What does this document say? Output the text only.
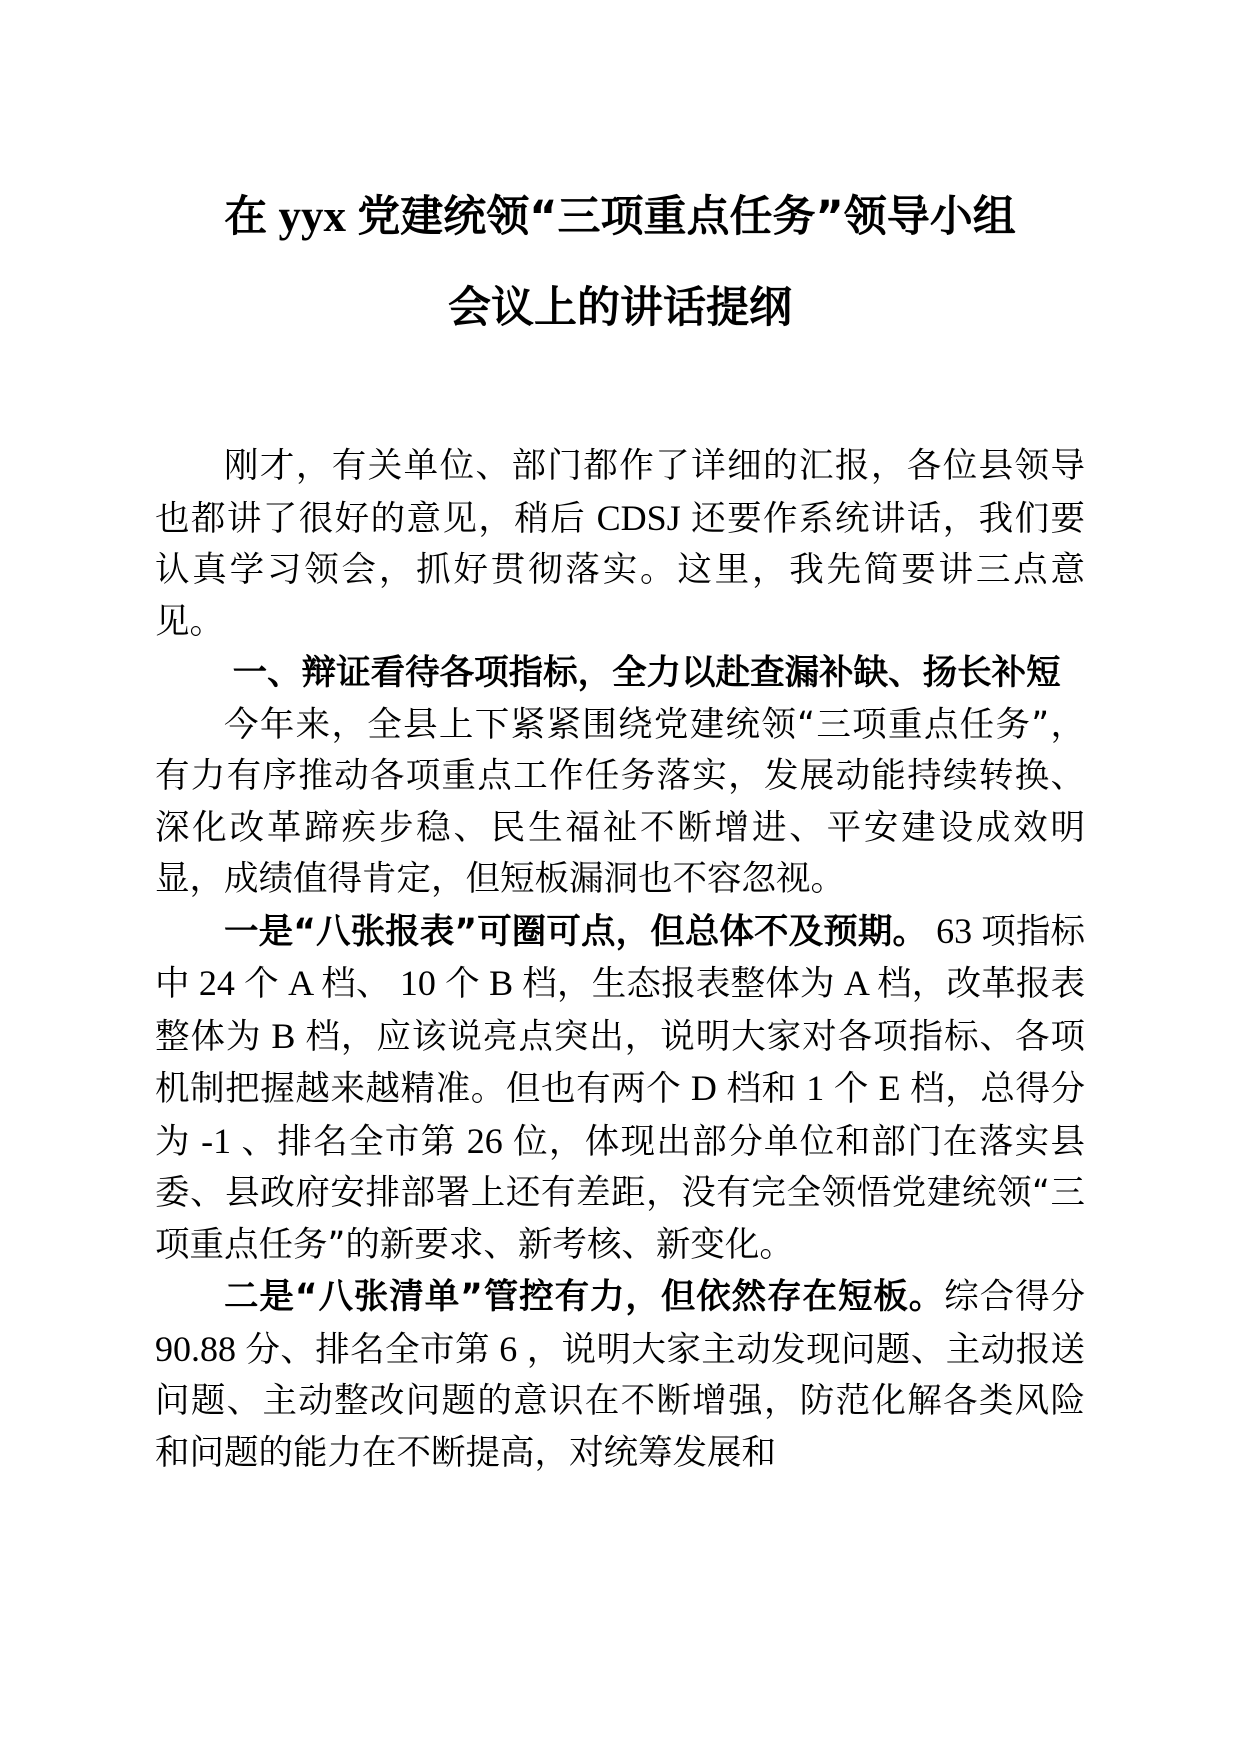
在 yyx 党建统领“三项重点任务”领导小组
会议上的讲话提纲

刚才，有关单位、部门都作了详细的汇报，各位县领导也都讲了很好的意见，稍后 CDSJ 还要作系统讲话，我们要认真学习领会，抓好贯彻落实。这里，我先简要讲三点意见。

一、辩证看待各项指标，全力以赴查漏补缺、扬长补短

今年来，全县上下紧紧围绕党建统领“三项重点任务”，有力有序推动各项重点工作任务落实，发展动能持续转换、深化改革蹄疾步稳、民生福祉不断增进、平安建设成效明显，成绩值得肯定，但短板漏洞也不容忽视。

一是“八张报表”可圈可点，但总体不及预期。 63 项指标中 24 个 A 档、 10 个 B 档，生态报表整体为 A 档，改革报表整体为 B 档，应该说亮点突出，说明大家对各项指标、各项机制把握越来越精准。但也有两个 D 档和 1 个 E 档，总得分为 -1 、排名全市第 26 位，体现出部分单位和部门在落实县委、县政府安排部署上还有差距，没有完全领悟党建统领“三项重点任务”的新要求、新考核、新变化。

二是“八张清单”管控有力，但依然存在短板。综合得分 90.88 分、排名全市第 6 ，说明大家主动发现问题、主动报送问题、主动整改问题的意识在不断增强，防范化解各类风险和问题的能力在不断提高，对统筹发展和
